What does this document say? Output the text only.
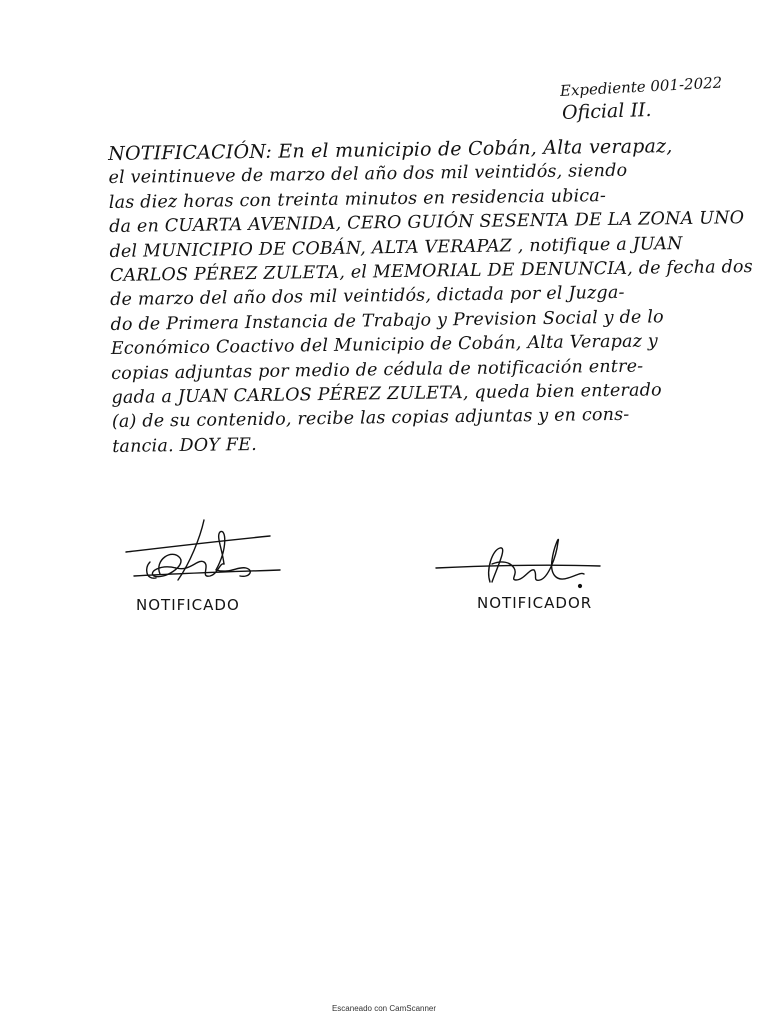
Expediente 001-2022
Oficial II.
NOTIFICACIÓN: En el municipio de Cobán, Alta verapaz,
el veintinueve de marzo del año dos mil veintidós, siendo
las diez horas con treinta minutos en residencia ubica-
da en CUARTA AVENIDA, CERO GUIÓN SESENTA DE LA ZONA UNO
del MUNICIPIO DE COBÁN, ALTA VERAPAZ , notifique a JUAN
CARLOS PÉREZ ZULETA, el MEMORIAL DE DENUNCIA, de fecha dos
de marzo del año dos mil veintidós, dictada por el Juzga-
do de Primera Instancia de Trabajo y Prevision Social y de lo
Económico Coactivo del Municipio de Cobán, Alta Verapaz y
copias adjuntas por medio de cédula de notificación entre-
gada a JUAN CARLOS PÉREZ ZULETA, queda bien enterado
(a) de su contenido, recibe las copias adjuntas y en cons-
tancia. DOY FE.
NOTIFICADO	NOTIFICADOR
Escaneado con CamScanner
